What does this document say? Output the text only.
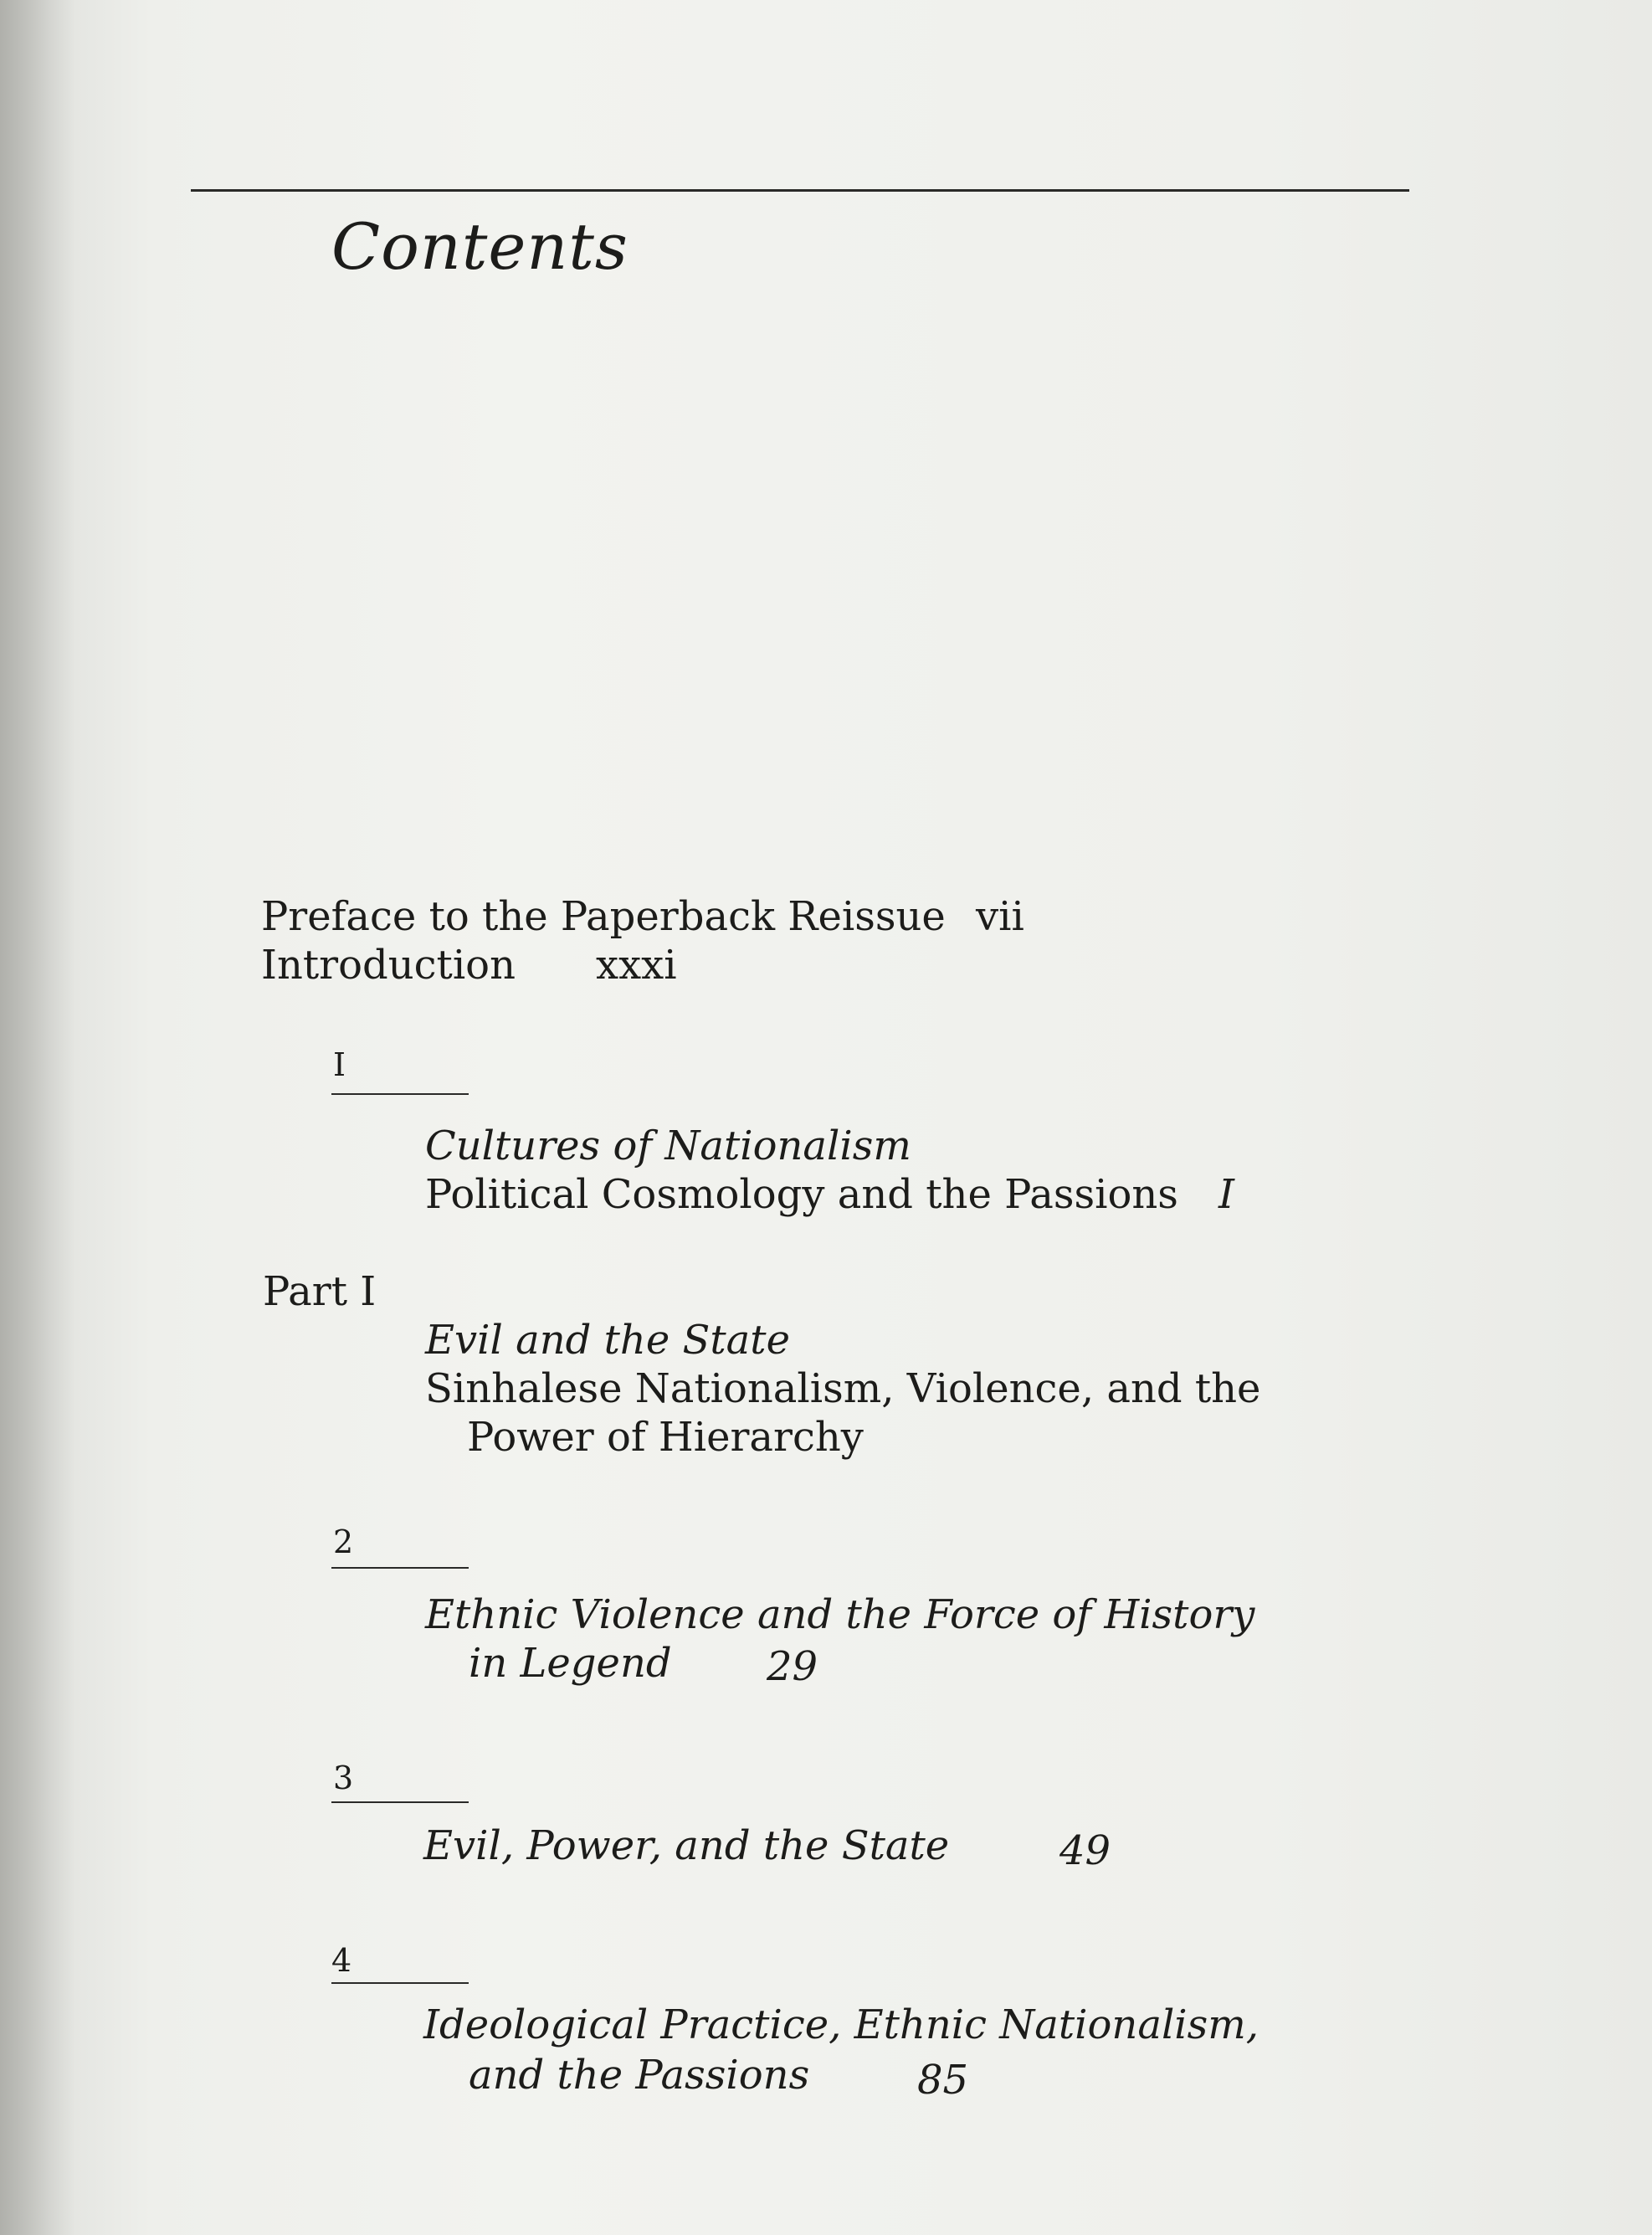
Contents

Preface to the Paperback Reissue vii

Introduction xxxi
I

Cultures of Nationalism

Political Cosmology and the Passions I

Part I

Evil and the State

Sinhalese Nationalism, Violence, and the

Power of Hierarchy

2

Ethnic Violence and the Force of History

in Legend 29
3

Evil, Power, and the State	49
4

Ideological Practice, Ethnic Nationalism,

and the Passions	85
